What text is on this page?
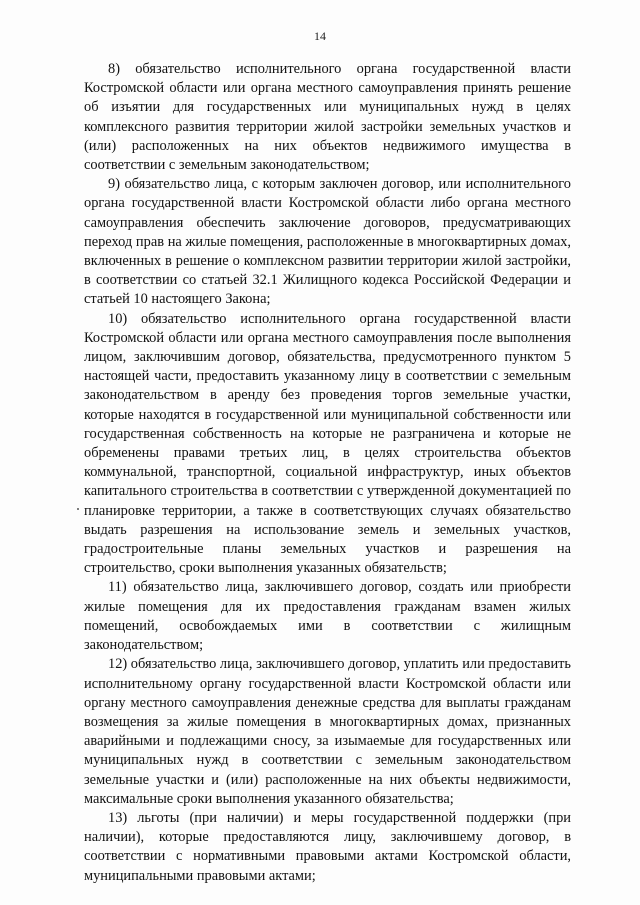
14

8) обязательство исполнительного органа государственной власти Костромской области или органа местного самоуправления принять решение об изъятии для государственных или муниципальных нужд в целях комплексного развития территории жилой застройки земельных участков и (или) расположенных на них объектов недвижимого имущества в соответствии с земельным законодательством;

9) обязательство лица, с которым заключен договор, или исполнительного органа государственной власти Костромской области либо органа местного самоуправления обеспечить заключение договоров, предусматривающих переход прав на жилые помещения, расположенные в многоквартирных домах, включенных в решение о комплексном развитии территории жилой застройки, в соответствии со статьей 32.1 Жилищного кодекса Российской Федерации и статьей 10 настоящего Закона;

10) обязательство исполнительного органа государственной власти Костромской области или органа местного самоуправления после выполнения лицом, заключившим договор, обязательства, предусмотренного пунктом 5 настоящей части, предоставить указанному лицу в соответствии с земельным законодательством в аренду без проведения торгов земельные участки, которые находятся в государственной или муниципальной собственности или государственная собственность на которые не разграничена и которые не обременены правами третьих лиц, в целях строительства объектов коммунальной, транспортной, социальной инфраструктур, иных объектов капитального строительства в соответствии с утвержденной документацией по планировке территории, а также в соответствующих случаях обязательство выдать разрешения на использование земель и земельных участков, градостроительные планы земельных участков и разрешения на строительство, сроки выполнения указанных обязательств;

11) обязательство лица, заключившего договор, создать или приобрести жилые помещения для их предоставления гражданам взамен жилых помещений, освобождаемых ими в соответствии с жилищным законодательством;

12) обязательство лица, заключившего договор, уплатить или предоставить исполнительному органу государственной власти Костромской области или органу местного самоуправления денежные средства для выплаты гражданам возмещения за жилые помещения в многоквартирных домах, признанных аварийными и подлежащими сносу, за изымаемые для государственных или муниципальных нужд в соответствии с земельным законодательством земельные участки и (или) расположенные на них объекты недвижимости, максимальные сроки выполнения указанного обязательства;

13) льготы (при наличии) и меры государственной поддержки (при наличии), которые предоставляются лицу, заключившему договор, в соответствии с нормативными правовыми актами Костромской области, муниципальными правовыми актами;
